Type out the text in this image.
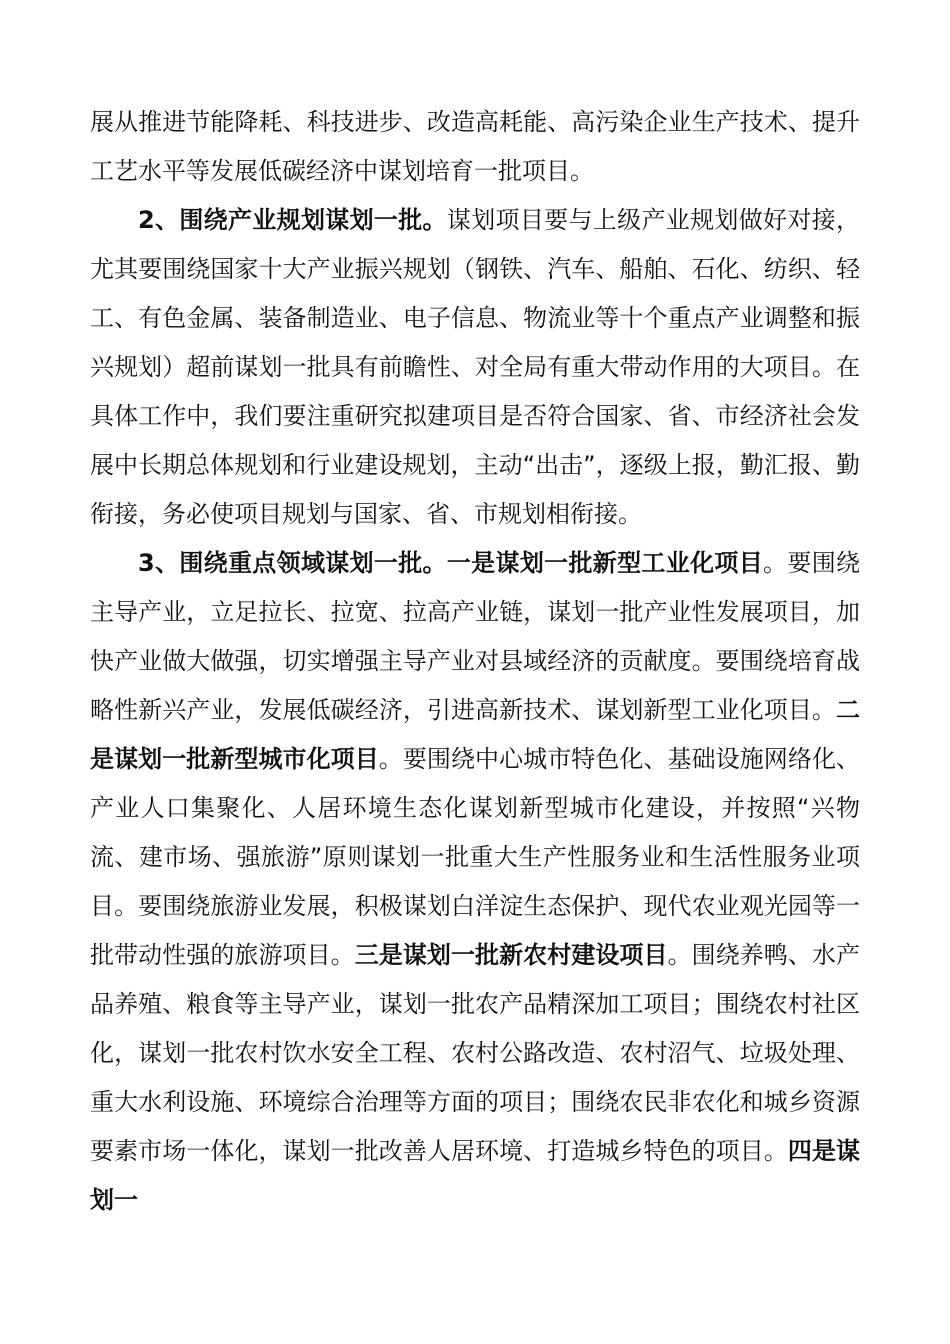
展从推进节能降耗、科技进步、改造高耗能、高污染企业生产技术、提升工艺水平等发展低碳经济中谋划培育一批项目。

2、围绕产业规划谋划一批。谋划项目要与上级产业规划做好对接，尤其要围绕国家十大产业振兴规划（钢铁、汽车、船舶、石化、纺织、轻工、有色金属、装备制造业、电子信息、物流业等十个重点产业调整和振兴规划）超前谋划一批具有前瞻性、对全局有重大带动作用的大项目。在具体工作中，我们要注重研究拟建项目是否符合国家、省、市经济社会发展中长期总体规划和行业建设规划，主动“出击”，逐级上报，勤汇报、勤衔接，务必使项目规划与国家、省、市规划相衔接。

3、围绕重点领域谋划一批。一是谋划一批新型工业化项目。要围绕主导产业，立足拉长、拉宽、拉高产业链，谋划一批产业性发展项目，加快产业做大做强，切实增强主导产业对县域经济的贡献度。要围绕培育战略性新兴产业，发展低碳经济，引进高新技术、谋划新型工业化项目。二是谋划一批新型城市化项目。要围绕中心城市特色化、基础设施网络化、产业人口集聚化、人居环境生态化谋划新型城市化建设，并按照“兴物流、建市场、强旅游”原则谋划一批重大生产性服务业和生活性服务业项目。要围绕旅游业发展，积极谋划白洋淀生态保护、现代农业观光园等一批带动性强的旅游项目。三是谋划一批新农村建设项目。围绕养鸭、水产品养殖、粮食等主导产业，谋划一批农产品精深加工项目；围绕农村社区化，谋划一批农村饮水安全工程、农村公路改造、农村沼气、垃圾处理、重大水利设施、环境综合治理等方面的项目；围绕农民非农化和城乡资源要素市场一体化，谋划一批改善人居环境、打造城乡特色的项目。四是谋划一
